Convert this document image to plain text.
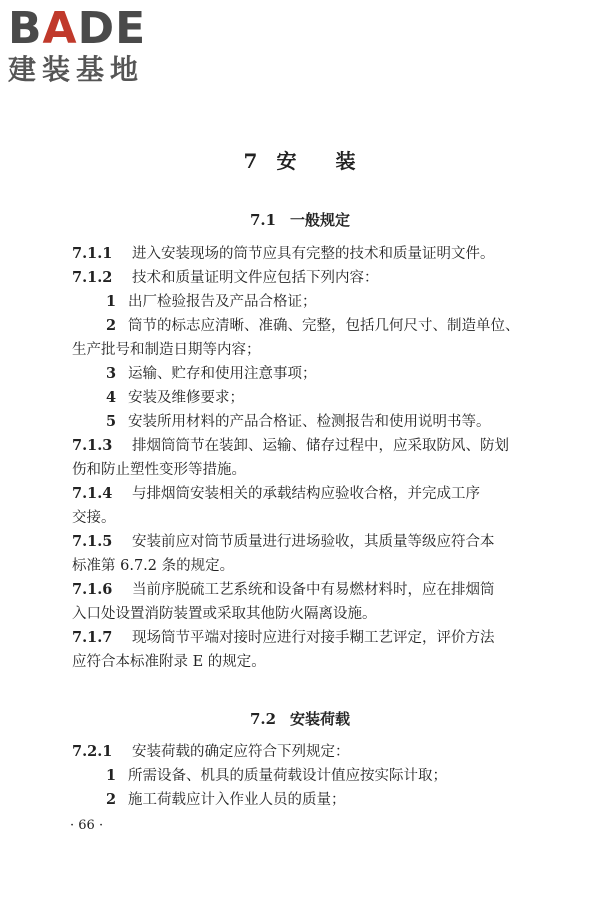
BADE
建装基地
7 安 装
7.1 一般规定
7.1.1 进入安装现场的筒节应具有完整的技术和质量证明文件。
7.1.2 技术和质量证明文件应包括下列内容：
1 出厂检验报告及产品合格证；
2 筒节的标志应清晰、准确、完整，包括几何尺寸、制造单位、
生产批号和制造日期等内容；
3 运输、贮存和使用注意事项；
4 安装及维修要求；
5 安装所用材料的产品合格证、检测报告和使用说明书等。
7.1.3 排烟筒筒节在装卸、运输、储存过程中，应采取防风、防划
伤和防止塑性变形等措施。
7.1.4 与排烟筒安装相关的承载结构应验收合格，并完成工序
交接。
7.1.5 安装前应对筒节质量进行进场验收，其质量等级应符合本
标准第 6.7.2 条的规定。
7.1.6 当前序脱硫工艺系统和设备中有易燃材料时，应在排烟筒
入口处设置消防装置或采取其他防火隔离设施。
7.1.7 现场筒节平端对接时应进行对接手糊工艺评定，评价方法
应符合本标准附录 E 的规定。
7.2 安装荷载
7.2.1 安装荷载的确定应符合下列规定：
1 所需设备、机具的质量荷载设计值应按实际计取；
2 施工荷载应计入作业人员的质量；
· 66 ·
